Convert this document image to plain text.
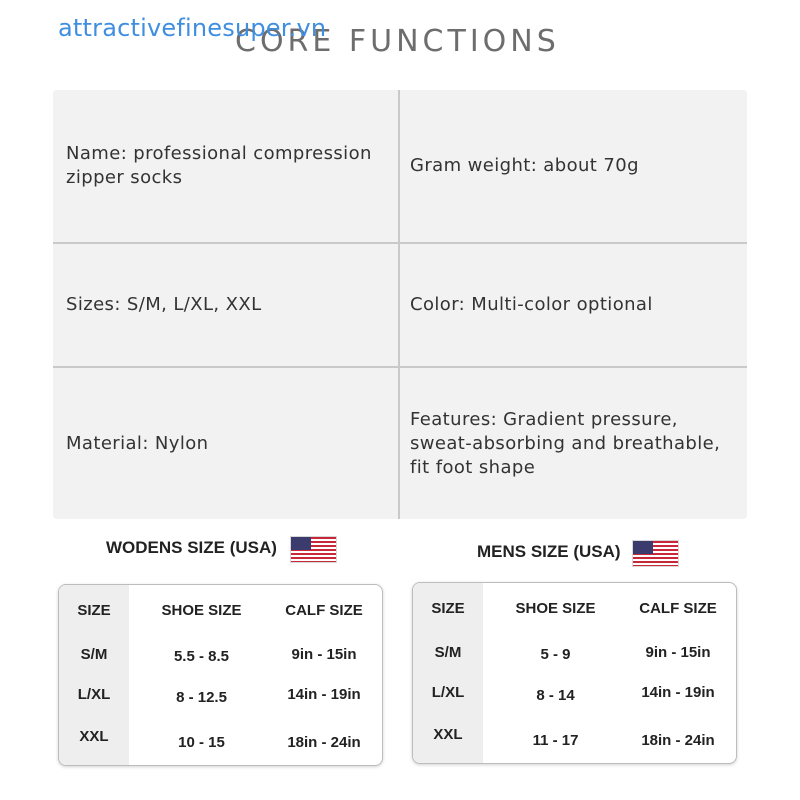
attractivefinesuper.vn
CORE FUNCTIONS
Name: professional compression zipper socks
Gram weight: about 70g
Sizes: S/M, L/XL, XXL	Color: Multi-color optional
Material: Nylon
Features: Gradient pressure, sweat-absorbing and breathable, fit foot shape
WODENS SIZE (USA)
SIZE	SHOE SIZE	CALF SIZE
S/M	5.5 - 8.5	9in - 15in
L/XL	8 - 12.5	14in - 19in
XXL	10 - 15	18in - 24in
MENS SIZE (USA)
SIZE	SHOE SIZE	CALF SIZE
S/M	5 - 9	9in - 15in
L/XL	8 - 14	14in - 19in
XXL	11 - 17	18in - 24in
